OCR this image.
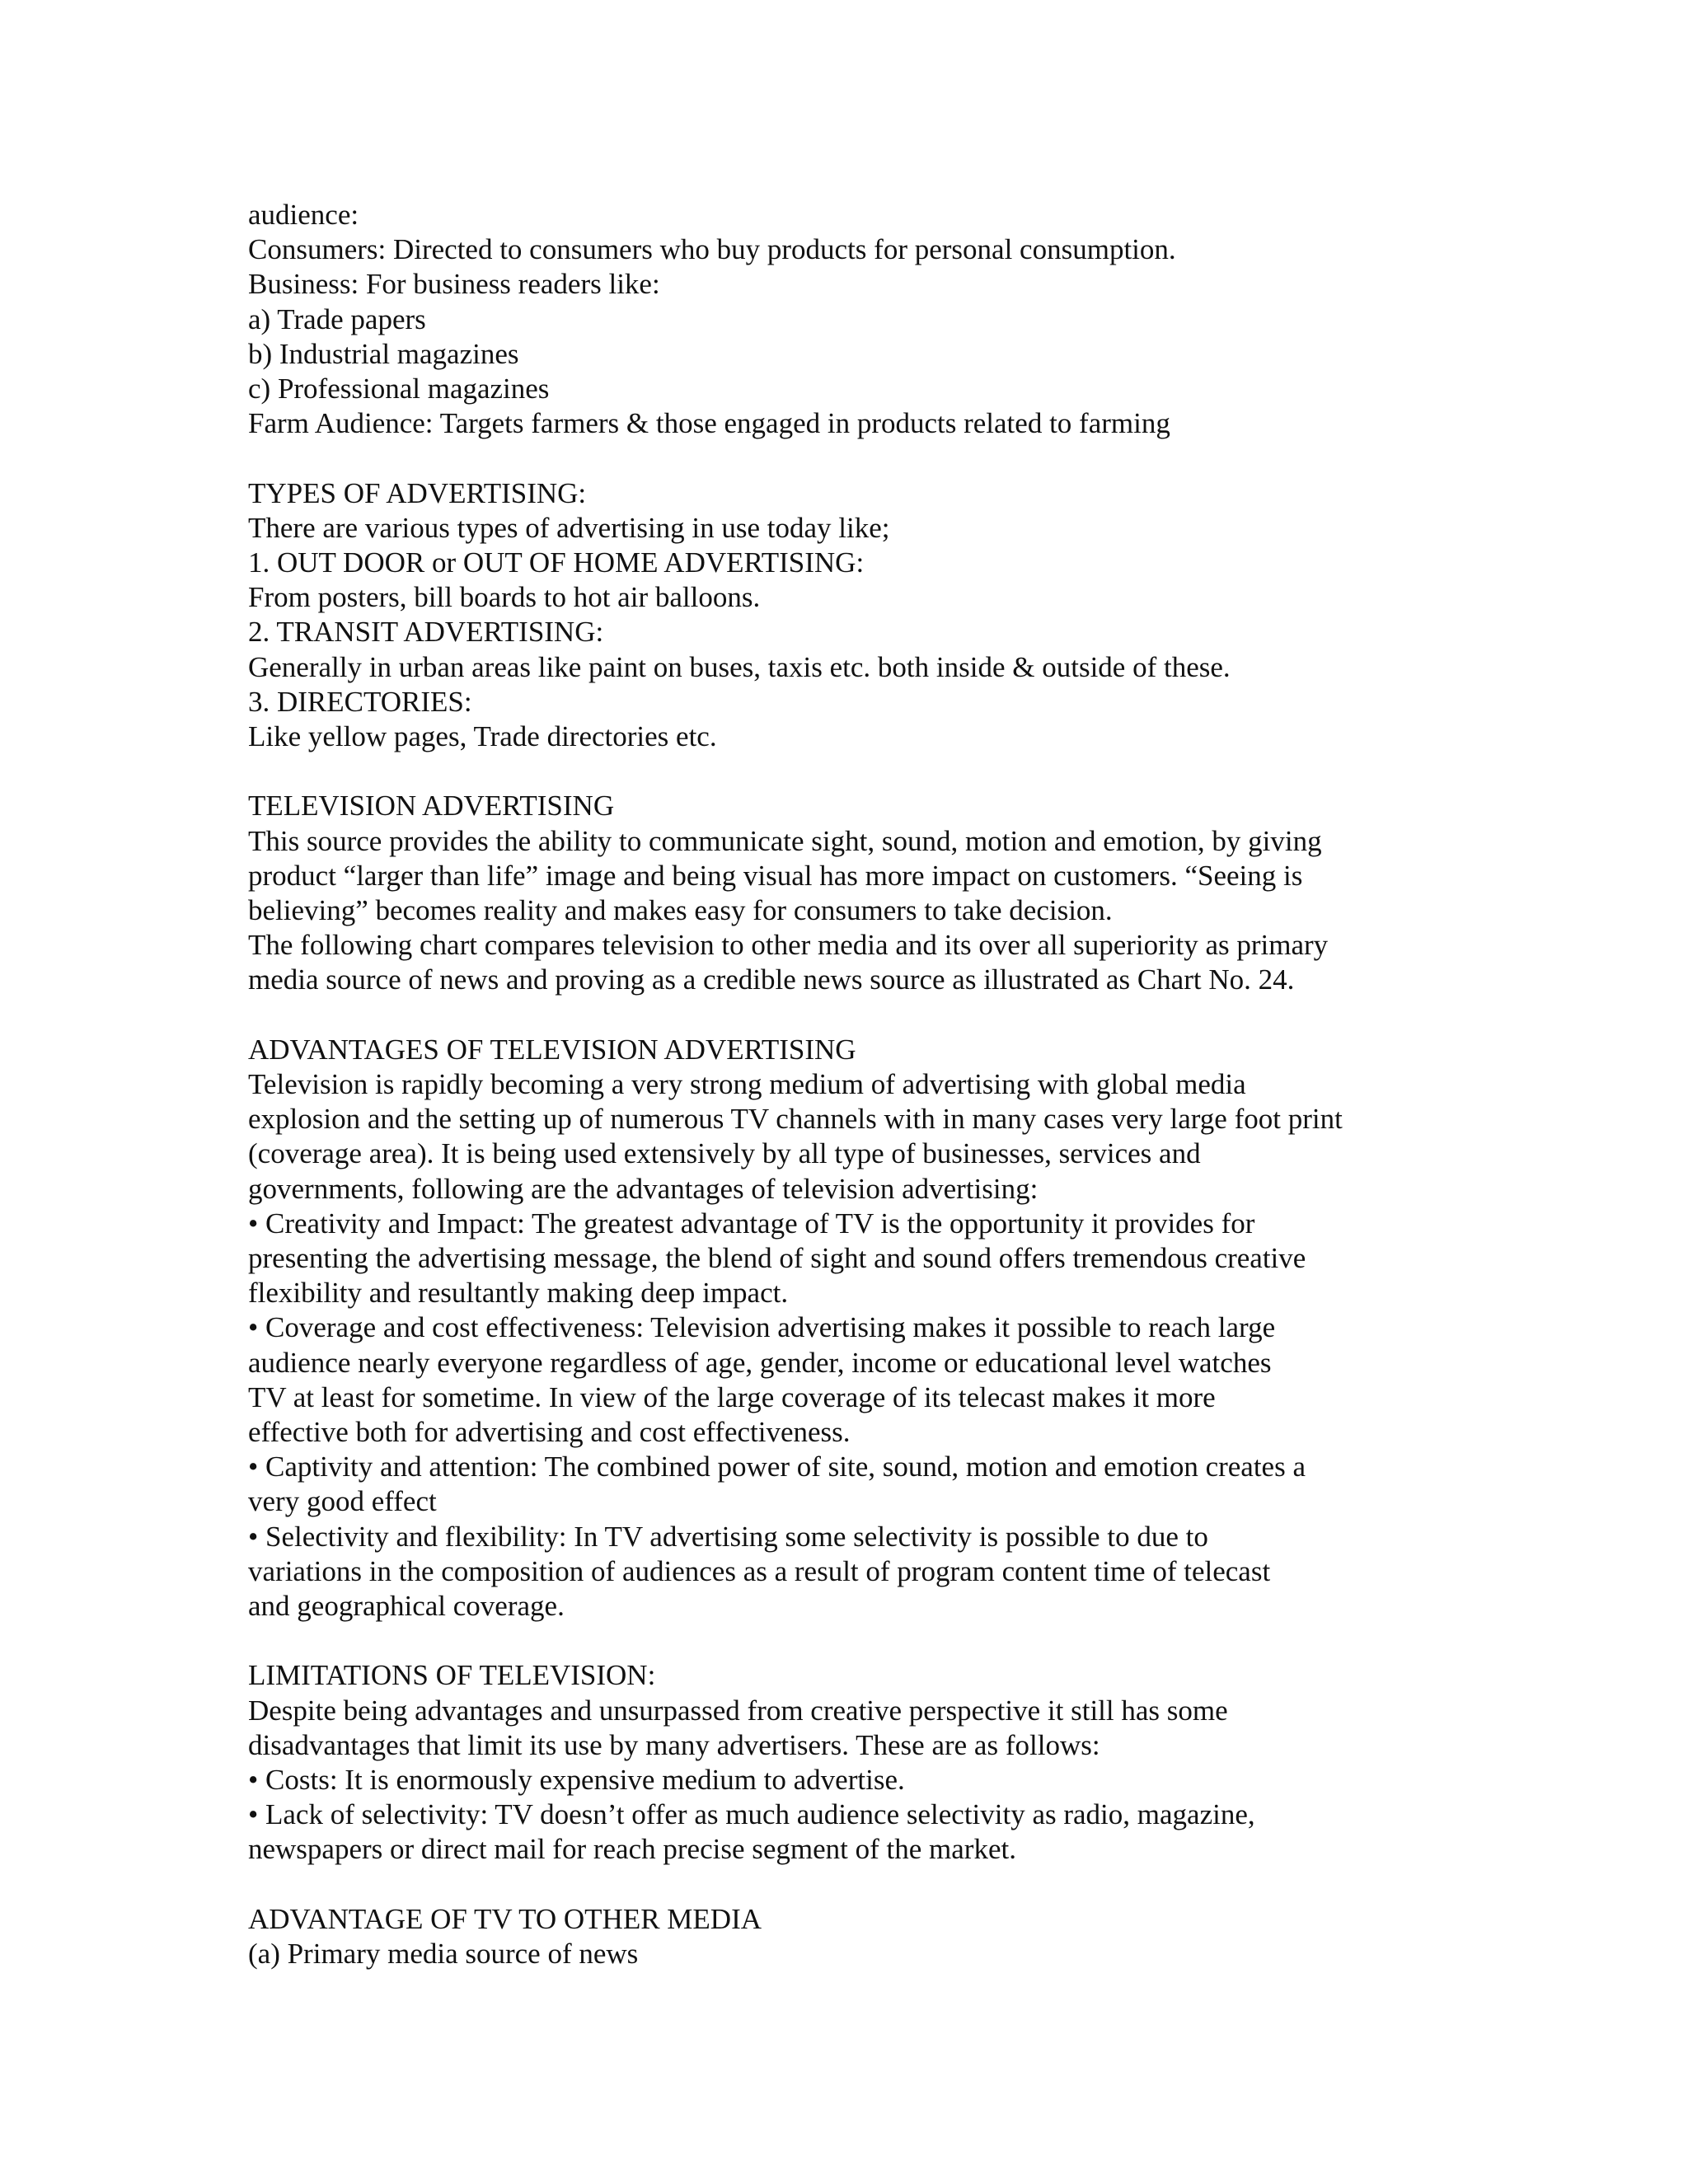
audience:
Consumers: Directed to consumers who buy products for personal consumption.
Business: For business readers like:
a) Trade papers
b) Industrial magazines
c) Professional magazines
Farm Audience: Targets farmers & those engaged in products related to farming
TYPES OF ADVERTISING:
There are various types of advertising in use today like;
1. OUT DOOR or OUT OF HOME ADVERTISING:
From posters, bill boards to hot air balloons.
2. TRANSIT ADVERTISING:
Generally in urban areas like paint on buses, taxis etc. both inside & outside of these.
3. DIRECTORIES:
Like yellow pages, Trade directories etc.
TELEVISION ADVERTISING
This source provides the ability to communicate sight, sound, motion and emotion, by giving
product “larger than life” image and being visual has more impact on customers. “Seeing is
believing” becomes reality and makes easy for consumers to take decision.
The following chart compares television to other media and its over all superiority as primary
media source of news and proving as a credible news source as illustrated as Chart No. 24.
ADVANTAGES OF TELEVISION ADVERTISING
Television is rapidly becoming a very strong medium of advertising with global media
explosion and the setting up of numerous TV channels with in many cases very large foot print
(coverage area). It is being used extensively by all type of businesses, services and
governments, following are the advantages of television advertising:
• Creativity and Impact: The greatest advantage of TV is the opportunity it provides for
presenting the advertising message, the blend of sight and sound offers tremendous creative
flexibility and resultantly making deep impact.
• Coverage and cost effectiveness: Television advertising makes it possible to reach large
audience nearly everyone regardless of age, gender, income or educational level watches
TV at least for sometime. In view of the large coverage of its telecast makes it more
effective both for advertising and cost effectiveness.
• Captivity and attention: The combined power of site, sound, motion and emotion creates a
very good effect
• Selectivity and flexibility: In TV advertising some selectivity is possible to due to
variations in the composition of audiences as a result of program content time of telecast
and geographical coverage.
LIMITATIONS OF TELEVISION:
Despite being advantages and unsurpassed from creative perspective it still has some
disadvantages that limit its use by many advertisers. These are as follows:
• Costs: It is enormously expensive medium to advertise.
• Lack of selectivity: TV doesn’t offer as much audience selectivity as radio, magazine,
newspapers or direct mail for reach precise segment of the market.
ADVANTAGE OF TV TO OTHER MEDIA
(a) Primary media source of news
